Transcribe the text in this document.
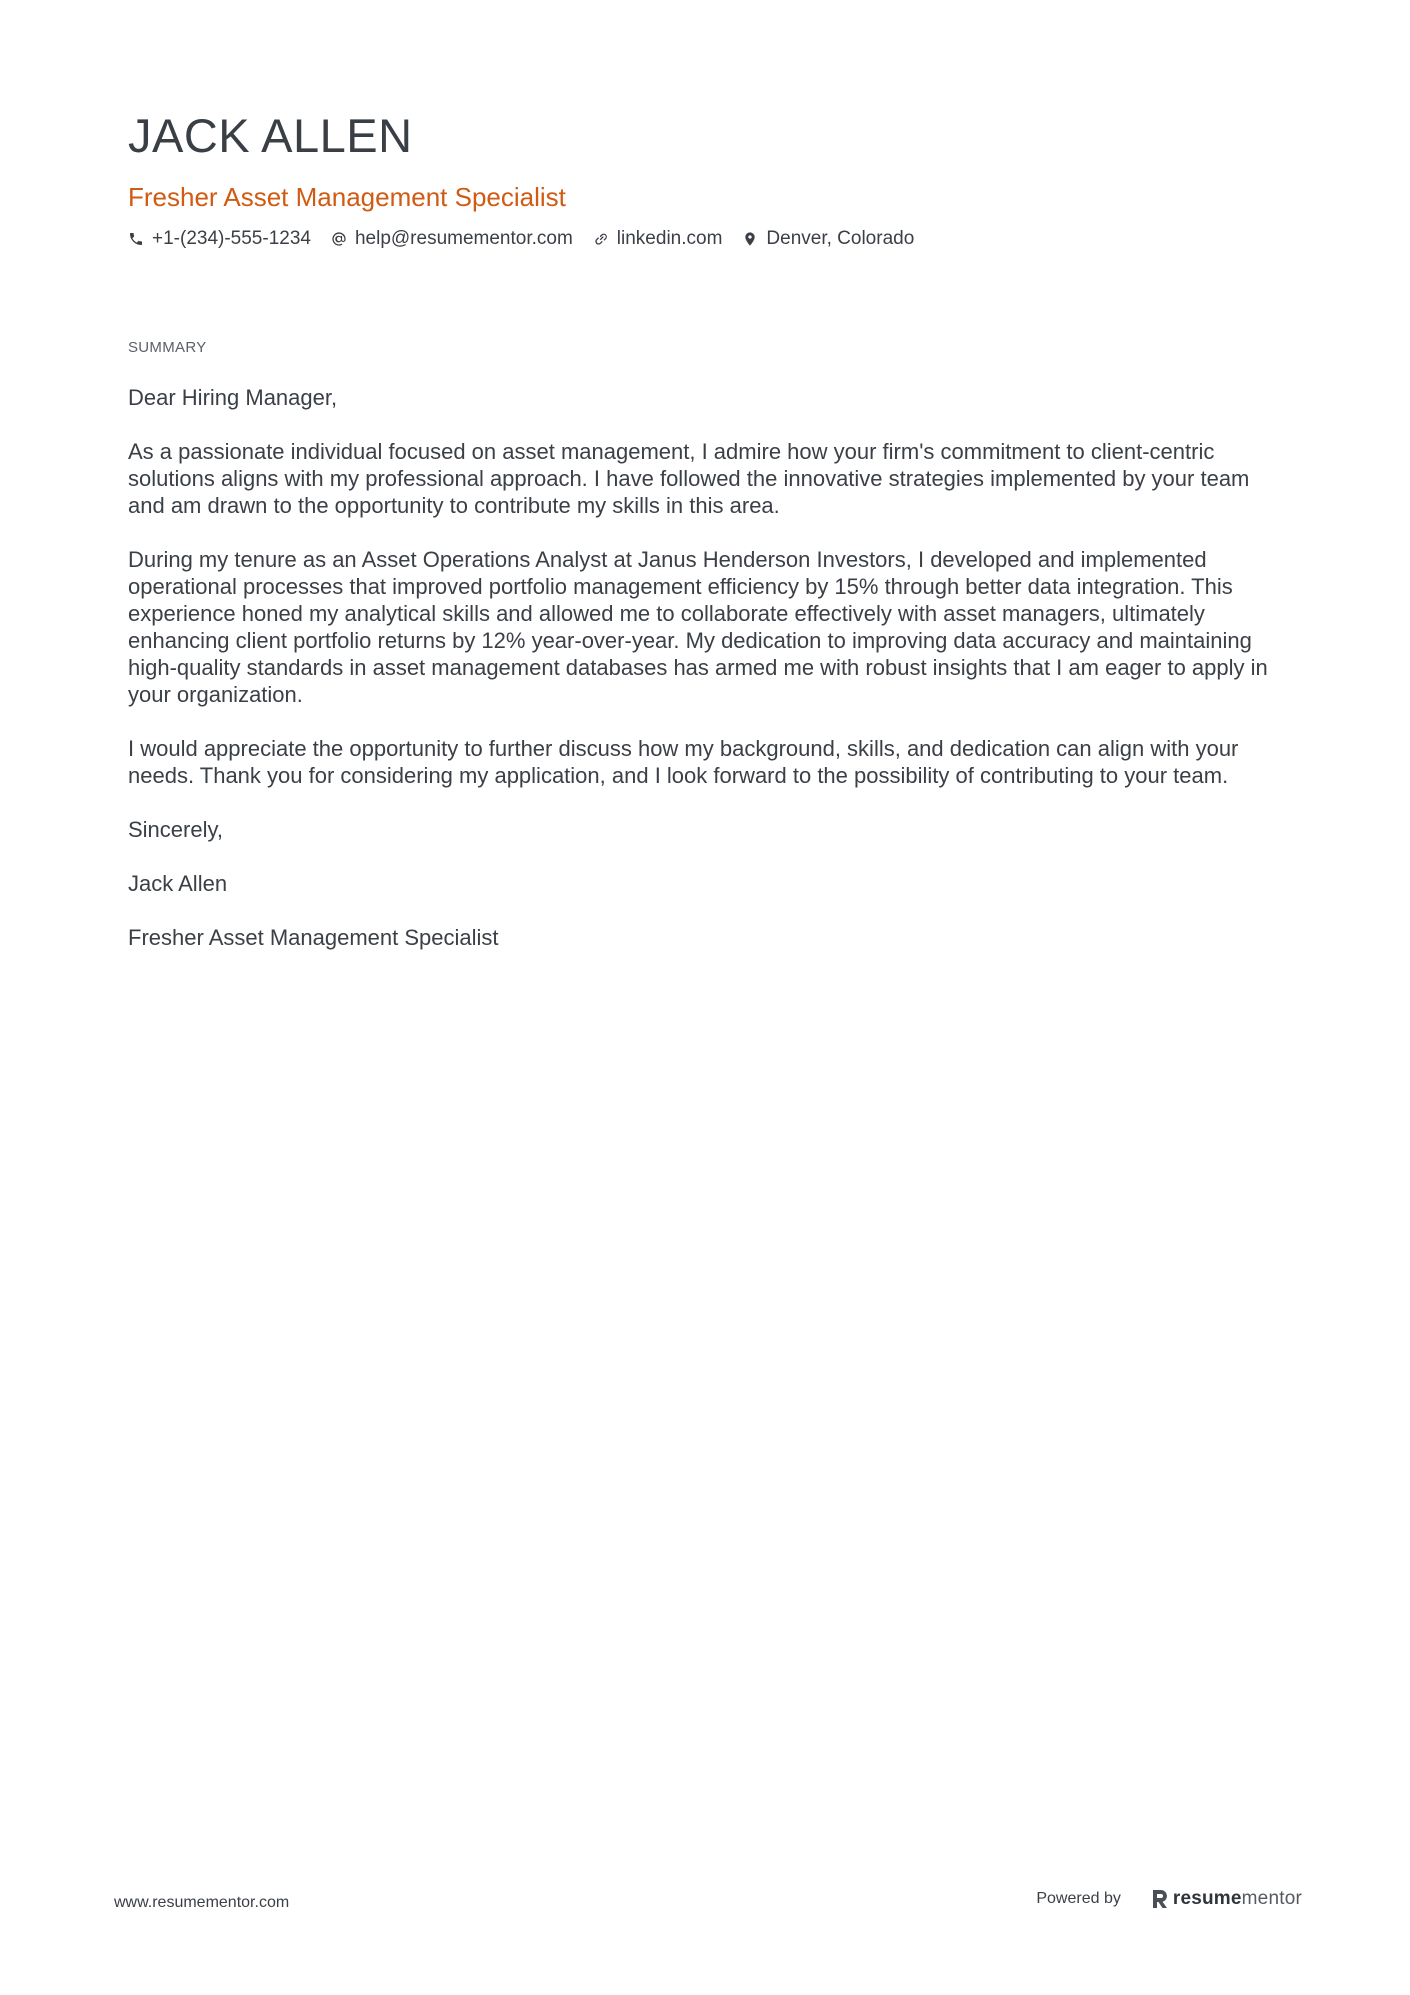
JACK ALLEN
Fresher Asset Management Specialist
+1-(234)-555-1234 help@resumementor.com linkedin.com Denver, Colorado
SUMMARY

Dear Hiring Manager,

As a passionate individual focused on asset management, I admire how your firm's commitment to client-centric solutions aligns with my professional approach. I have followed the innovative strategies implemented by your team and am drawn to the opportunity to contribute my skills in this area.

During my tenure as an Asset Operations Analyst at Janus Henderson Investors, I developed and implemented operational processes that improved portfolio management efficiency by 15% through better data integration. This experience honed my analytical skills and allowed me to collaborate effectively with asset managers, ultimately enhancing client portfolio returns by 12% year-over-year. My dedication to improving data accuracy and maintaining high-quality standards in asset management databases has armed me with robust insights that I am eager to apply in your organization.

I would appreciate the opportunity to further discuss how my background, skills, and dedication can align with your needs. Thank you for considering my application, and I look forward to the possibility of contributing to your team.

Sincerely,

Jack Allen

Fresher Asset Management Specialist

www.resumementor.com	Powered by	resume mentor
